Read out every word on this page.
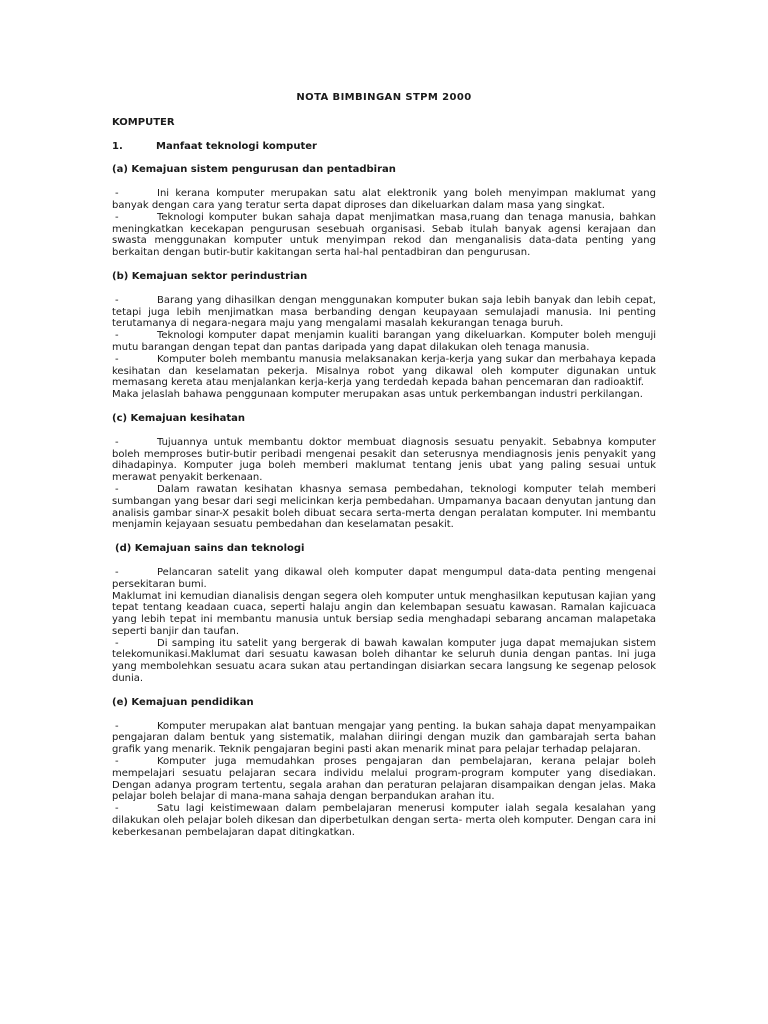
NOTA BIMBINGAN STPM 2000
KOMPUTER
1.	Manfaat teknologi komputer
(a) Kemajuan sistem pengurusan dan pentadbiran

-	Ini kerana komputer merupakan satu alat elektronik yang boleh menyimpan maklumat yang banyak dengan cara yang teratur serta dapat diproses dan dikeluarkan dalam masa yang singkat.

-	Teknologi komputer bukan sahaja dapat menjimatkan masa,ruang dan tenaga manusia, bahkan meningkatkan kecekapan pengurusan sesebuah organisasi. Sebab itulah banyak agensi kerajaan dan swasta menggunakan komputer untuk menyimpan rekod dan menganalisis data-data penting yang berkaitan dengan butir-butir kakitangan serta hal-hal pentadbiran dan pengurusan.

(b) Kemajuan sektor perindustrian

-	Barang yang dihasilkan dengan menggunakan komputer bukan saja lebih banyak dan lebih cepat, tetapi juga lebih menjimatkan masa berbanding dengan keupayaan semulajadi manusia. Ini penting terutamanya di negara-negara maju yang mengalami masalah kekurangan tenaga buruh.

-	Teknologi komputer dapat menjamin kualiti barangan yang dikeluarkan. Komputer boleh menguji mutu barangan dengan tepat dan pantas daripada yang dapat dilakukan oleh tenaga manusia.

-	Komputer boleh membantu manusia melaksanakan kerja-kerja yang sukar dan merbahaya kepada kesihatan dan keselamatan pekerja. Misalnya robot yang dikawal oleh komputer digunakan untuk memasang kereta atau menjalankan kerja-kerja yang terdedah kepada bahan pencemaran dan radioaktif.

Maka jelaslah bahawa penggunaan komputer merupakan asas untuk perkembangan industri perkilangan.

(c) Kemajuan kesihatan

-	Tujuannya untuk membantu doktor membuat diagnosis sesuatu penyakit. Sebabnya komputer boleh memproses butir-butir peribadi mengenai pesakit dan seterusnya mendiagnosis jenis penyakit yang dihadapinya. Komputer juga boleh memberi maklumat tentang jenis ubat yang paling sesuai untuk merawat penyakit berkenaan.

-	Dalam rawatan kesihatan khasnya semasa pembedahan, teknologi komputer telah memberi sumbangan yang besar dari segi melicinkan kerja pembedahan. Umpamanya bacaan denyutan jantung dan analisis gambar sinar-X pesakit boleh dibuat secara serta-merta dengan peralatan komputer. Ini membantu menjamin kejayaan sesuatu pembedahan dan keselamatan pesakit.

(d) Kemajuan sains dan teknologi

-	Pelancaran satelit yang dikawal oleh komputer dapat mengumpul data-data penting mengenai persekitaran bumi.

Maklumat ini kemudian dianalisis dengan segera oleh komputer untuk menghasilkan keputusan kajian yang tepat tentang keadaan cuaca, seperti halaju angin dan kelembapan sesuatu kawasan. Ramalan kajicuaca yang lebih tepat ini membantu manusia untuk bersiap sedia menghadapi sebarang ancaman malapetaka seperti banjir dan taufan.

-	Di samping itu satelit yang bergerak di bawah kawalan komputer juga dapat memajukan sistem telekomunikasi.Maklumat dari sesuatu kawasan boleh dihantar ke seluruh dunia dengan pantas. Ini juga yang membolehkan sesuatu acara sukan atau pertandingan disiarkan secara langsung ke segenap pelosok dunia.

(e) Kemajuan pendidikan

-	Komputer merupakan alat bantuan mengajar yang penting. Ia bukan sahaja dapat menyampaikan pengajaran dalam bentuk yang sistematik, malahan diiringi dengan muzik dan gambarajah serta bahan grafik yang menarik. Teknik pengajaran begini pasti akan menarik minat para pelajar terhadap pelajaran.

-	Komputer juga memudahkan proses pengajaran dan pembelajaran, kerana pelajar boleh mempelajari sesuatu pelajaran secara individu melalui program-program komputer yang disediakan. Dengan adanya program tertentu, segala arahan dan peraturan pelajaran disampaikan dengan jelas. Maka pelajar boleh belajar di mana-mana sahaja dengan berpandukan arahan itu.

-	Satu lagi keistimewaan dalam pembelajaran menerusi komputer ialah segala kesalahan yang dilakukan oleh pelajar boleh dikesan dan diperbetulkan dengan serta- merta oleh komputer. Dengan cara ini keberkesanan pembelajaran dapat ditingkatkan.
